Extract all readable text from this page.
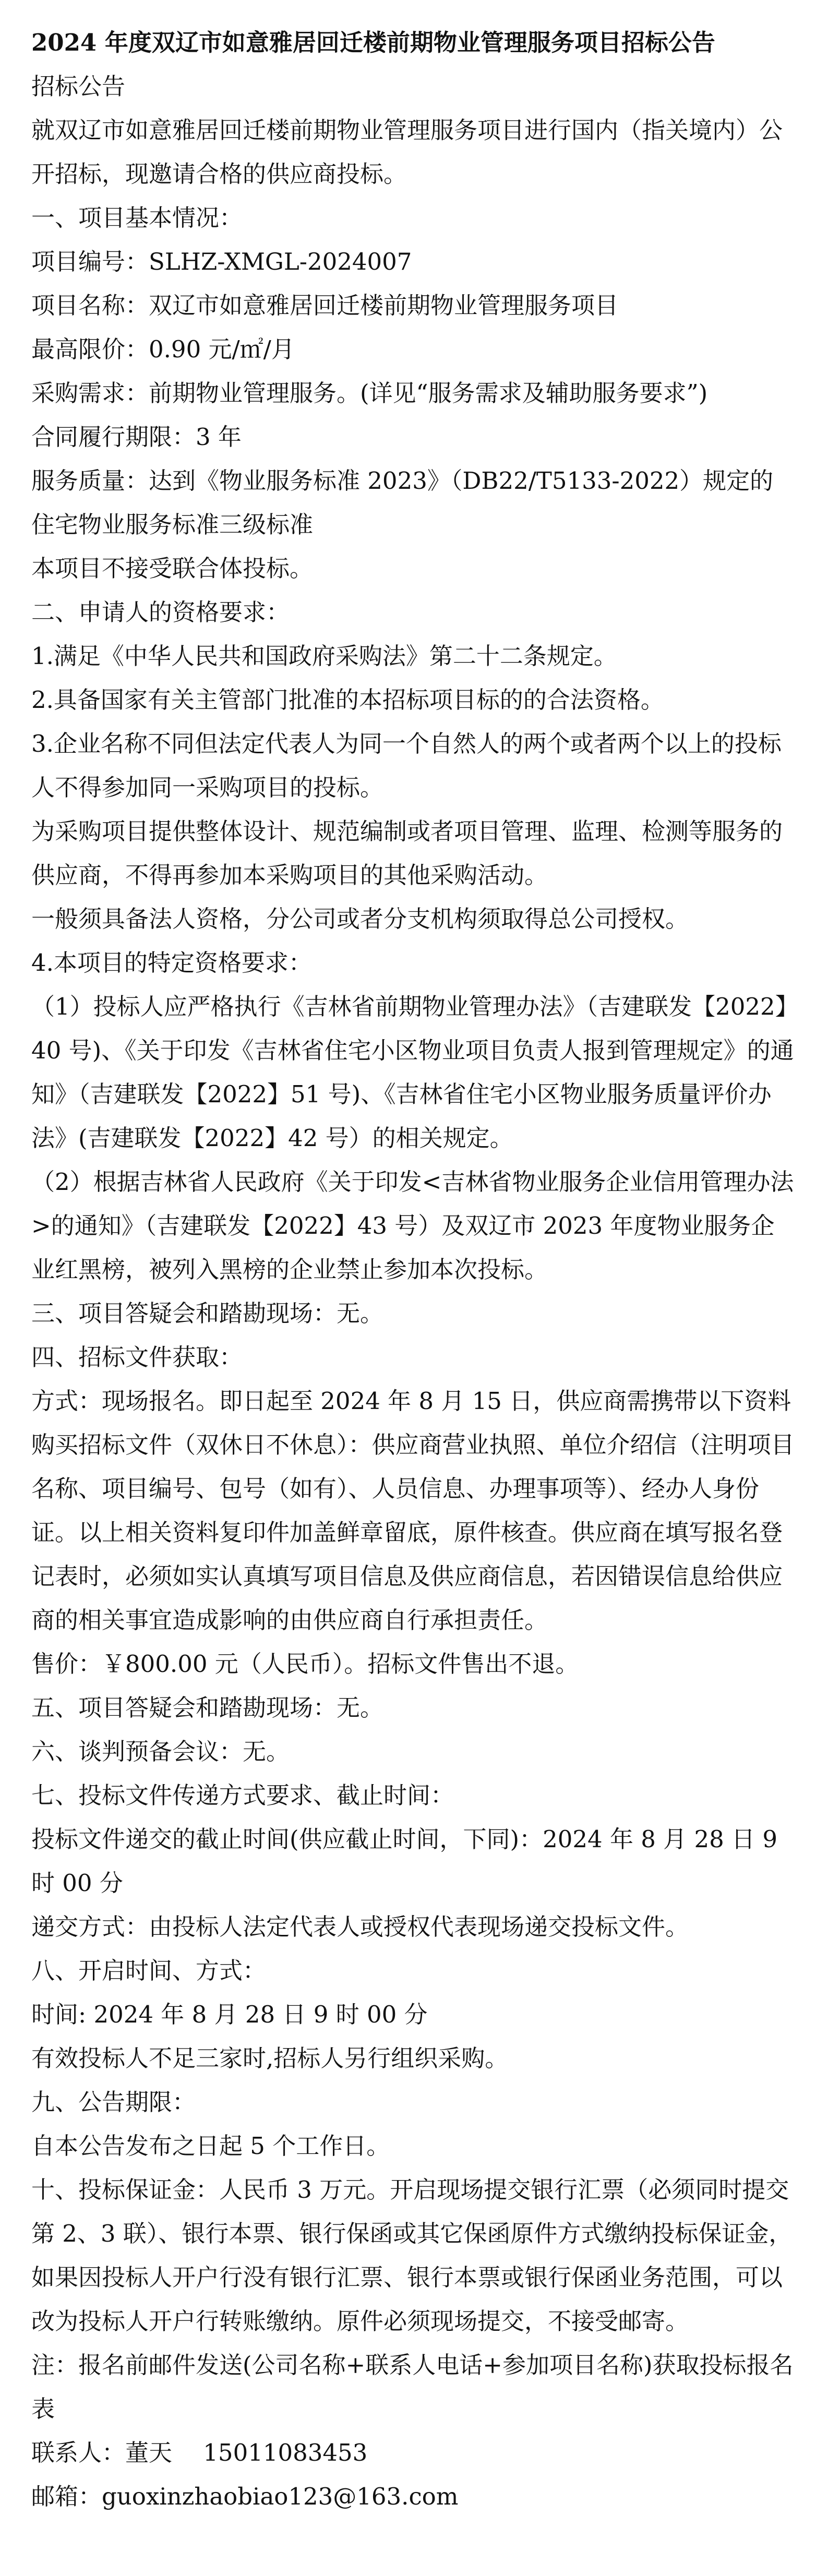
2024 年度双辽市如意雅居回迁楼前期物业管理服务项目招标公告
招标公告
就双辽市如意雅居回迁楼前期物业管理服务项目进行国内（指关境内）公开招标，现邀请合格的供应商投标。
一、项目基本情况：
项目编号：SLHZ-XMGL-2024007
项目名称：双辽市如意雅居回迁楼前期物业管理服务项目
最高限价：0.90 元/㎡/月
采购需求：前期物业管理服务。(详见“服务需求及辅助服务要求”)
合同履行期限：3 年
服务质量：达到《物业服务标准 2023》（DB22/T5133-2022）规定的住宅物业服务标准三级标准
本项目不接受联合体投标。
二、申请人的资格要求：
1.满足《中华人民共和国政府采购法》第二十二条规定。
2.具备国家有关主管部门批准的本招标项目标的的合法资格。
3.企业名称不同但法定代表人为同一个自然人的两个或者两个以上的投标人不得参加同一采购项目的投标。
为采购项目提供整体设计、规范编制或者项目管理、监理、检测等服务的供应商，不得再参加本采购项目的其他采购活动。
一般须具备法人资格，分公司或者分支机构须取得总公司授权。
4.本项目的特定资格要求：
（1）投标人应严格执行《吉林省前期物业管理办法》（吉建联发【2022】40 号)、《关于印发《吉林省住宅小区物业项目负责人报到管理规定》的通知》（吉建联发【2022】51 号)、《吉林省住宅小区物业服务质量评价办法》(吉建联发【2022】42 号）的相关规定。
（2）根据吉林省人民政府《关于印发<吉林省物业服务企业信用管理办法>的通知》（吉建联发【2022】43 号）及双辽市 2023 年度物业服务企业红黑榜，被列入黑榜的企业禁止参加本次投标。
三、项目答疑会和踏勘现场：无。
四、招标文件获取：
方式：现场报名。即日起至 2024 年 8 月 15 日，供应商需携带以下资料购买招标文件（双休日不休息）：供应商营业执照、单位介绍信（注明项目名称、项目编号、包号（如有）、人员信息、办理事项等）、经办人身份证。以上相关资料复印件加盖鲜章留底，原件核查。供应商在填写报名登记表时，必须如实认真填写项目信息及供应商信息，若因错误信息给供应商的相关事宜造成影响的由供应商自行承担责任。
售价：￥800.00 元（人民币）。招标文件售出不退。
五、项目答疑会和踏勘现场：无。
六、谈判预备会议：无。
七、投标文件传递方式要求、截止时间：
投标文件递交的截止时间(供应截止时间，下同)：2024 年 8 月 28 日 9 时 00 分
递交方式：由投标人法定代表人或授权代表现场递交投标文件。
八、开启时间、方式：
时间: 2024 年 8 月 28 日 9 时 00 分
有效投标人不足三家时,招标人另行组织采购。
九、公告期限：
自本公告发布之日起 5 个工作日。
十、投标保证金：人民币 3 万元。开启现场提交银行汇票（必须同时提交第 2、3 联）、银行本票、银行保函或其它保函原件方式缴纳投标保证金，如果因投标人开户行没有银行汇票、银行本票或银行保函业务范围，可以改为投标人开户行转账缴纳。原件必须现场提交，不接受邮寄。
注：报名前邮件发送(公司名称+联系人电话+参加项目名称)获取投标报名表
联系人：董天　 15011083453
邮箱：guoxinzhaobiao123@163.com
